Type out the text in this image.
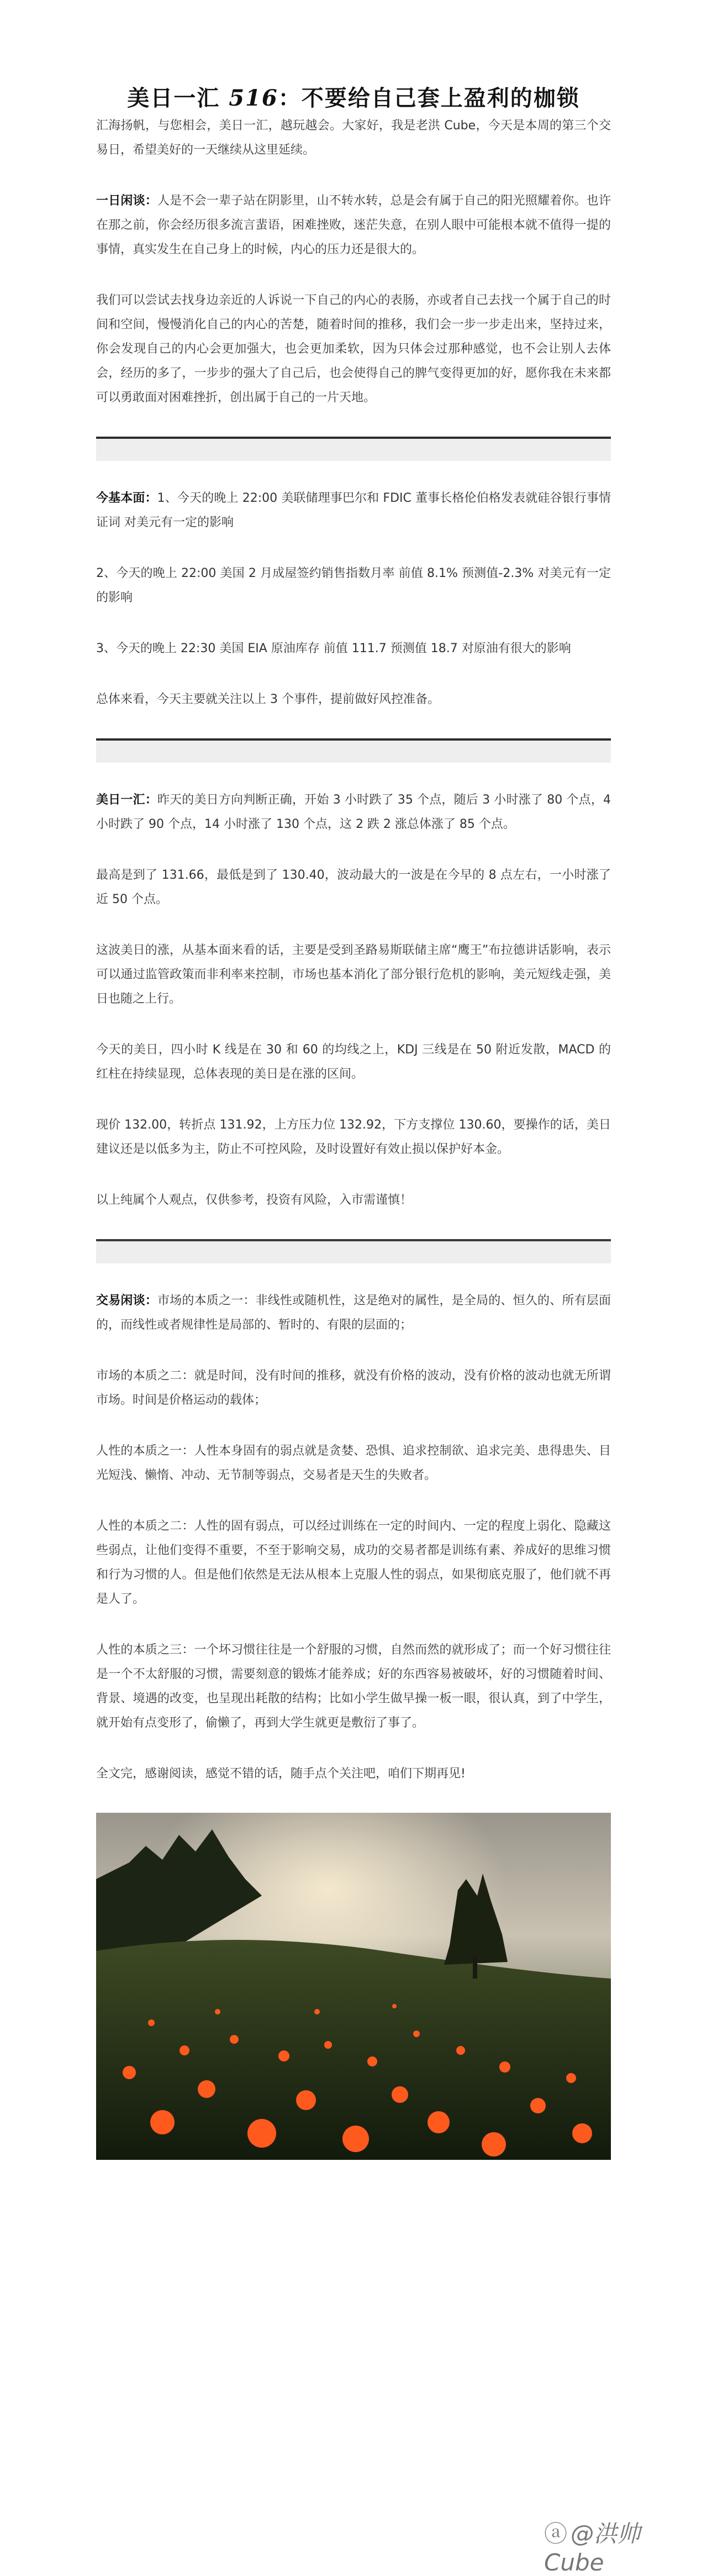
美日一汇 516：不要给自己套上盈利的枷锁

汇海扬帆，与您相会，美日一汇，越玩越会。大家好，我是老洪 Cube，今天是本周的第三个交易日，希望美好的一天继续从这里延续。

一日闲谈：人是不会一辈子站在阴影里，山不转水转，总是会有属于自己的阳光照耀着你。也许在那之前，你会经历很多流言蜚语，困难挫败，迷茫失意，在别人眼中可能根本就不值得一提的事情，真实发生在自己身上的时候，内心的压力还是很大的。

我们可以尝试去找身边亲近的人诉说一下自己的内心的表肠，亦或者自己去找一个属于自己的时间和空间，慢慢消化自己的内心的苦楚，随着时间的推移，我们会一步一步走出来，坚持过来，你会发现自己的内心会更加强大，也会更加柔软，因为只体会过那种感觉，也不会让别人去体会，经历的多了，一步步的强大了自己后，也会使得自己的脾气变得更加的好，愿你我在未来都可以勇敢面对困难挫折，创出属于自己的一片天地。

今基本面：1、今天的晚上 22:00 美联储理事巴尔和 FDIC 董事长格伦伯格发表就硅谷银行事情证词 对美元有一定的影响

2、今天的晚上 22:00 美国 2 月成屋签约销售指数月率 前值 8.1% 预测值-2.3% 对美元有一定的影响

3、今天的晚上 22:30 美国 EIA 原油库存 前值 111.7 预测值 18.7 对原油有很大的影响

总体来看，今天主要就关注以上 3 个事件，提前做好风控准备。

美日一汇：昨天的美日方向判断正确，开始 3 小时跌了 35 个点，随后 3 小时涨了 80 个点，4 小时跌了 90 个点，14 小时涨了 130 个点，这 2 跌 2 涨总体涨了 85 个点。

最高是到了 131.66，最低是到了 130.40，波动最大的一波是在今早的 8 点左右，一小时涨了近 50 个点。

这波美日的涨，从基本面来看的话，主要是受到圣路易斯联储主席“鹰王”布拉德讲话影响，表示可以通过监管政策而非利率来控制，市场也基本消化了部分银行危机的影响，美元短线走强，美日也随之上行。

今天的美日，四小时 K 线是在 30 和 60 的均线之上，KDJ 三线是在 50 附近发散，MACD 的红柱在持续显现，总体表现的美日是在涨的区间。

现价 132.00，转折点 131.92，上方压力位 132.92，下方支撑位 130.60，要操作的话，美日建议还是以低多为主，防止不可控风险，及时设置好有效止损以保护好本金。

以上纯属个人观点，仅供参考，投资有风险，入市需谨慎！

交易闲谈：市场的本质之一：非线性或随机性，这是绝对的属性，是全局的、恒久的、所有层面的，而线性或者规律性是局部的、暂时的、有限的层面的；

市场的本质之二：就是时间，没有时间的推移，就没有价格的波动，没有价格的波动也就无所谓市场。时间是价格运动的载体；

人性的本质之一：人性本身固有的弱点就是贪婪、恐惧、追求控制欲、追求完美、患得患失、目光短浅、懒惰、冲动、无节制等弱点，交易者是天生的失败者。

人性的本质之二：人性的固有弱点，可以经过训练在一定的时间内、一定的程度上弱化、隐藏这些弱点，让他们变得不重要，不至于影响交易，成功的交易者都是训练有素、养成好的思维习惯和行为习惯的人。但是他们依然是无法从根本上克服人性的弱点，如果彻底克服了，他们就不再是人了。

人性的本质之三：一个坏习惯往往是一个舒服的习惯，自然而然的就形成了；而一个好习惯往往是一个不太舒服的习惯，需要刻意的锻炼才能养成；好的东西容易被破坏，好的习惯随着时间、背景、境遇的改变，也呈现出耗散的结构；比如小学生做早操一板一眼，很认真，到了中学生，就开始有点变形了，偷懒了，再到大学生就更是敷衍了事了。

全文完，感谢阅读，感觉不错的话，随手点个关注吧，咱们下期再见!

ⓐ @洪帅Cube
